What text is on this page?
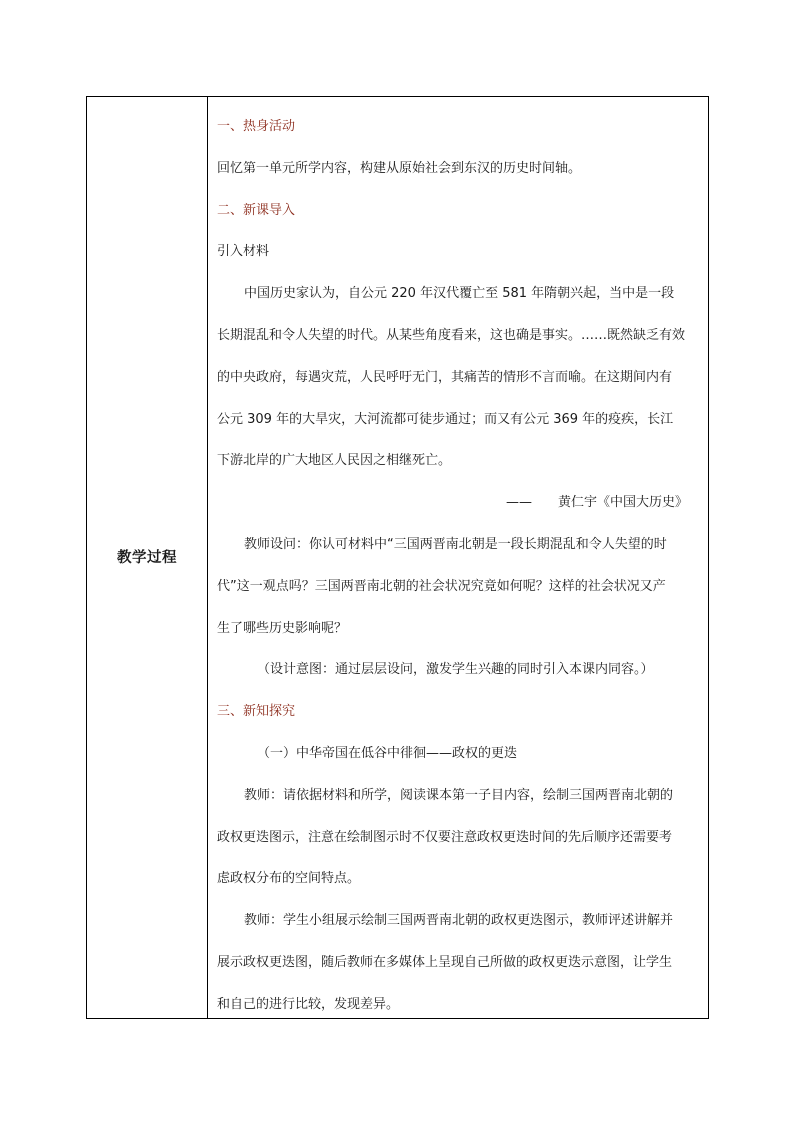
教学过程
一、热身活动
回忆第一单元所学内容，构建从原始社会到东汉的历史时间轴。
二、新课导入
引入材料
中国历史家认为，自公元 220 年汉代覆亡至 581 年隋朝兴起，当中是一段
长期混乱和令人失望的时代。从某些角度看来，这也确是事实。……既然缺乏有效
的中央政府，每遇灾荒，人民呼吁无门，其痛苦的情形不言而喻。在这期间内有
公元 309 年的大旱灾，大河流都可徒步通过；而又有公元 369 年的疫疾，长江
下游北岸的广大地区人民因之相继死亡。
—— 黄仁宇《中国大历史》
教师设问：你认可材料中“三国两晋南北朝是一段长期混乱和令人失望的时
代”这一观点吗？三国两晋南北朝的社会状况究竟如何呢？这样的社会状况又产
生了哪些历史影响呢？
（设计意图：通过层层设问，激发学生兴趣的同时引入本课内同容。）
三、新知探究
（一）中华帝国在低谷中徘徊——政权的更迭
教师：请依据材料和所学，阅读课本第一子目内容，绘制三国两晋南北朝的
政权更迭图示，注意在绘制图示时不仅要注意政权更迭时间的先后顺序还需要考
虑政权分布的空间特点。
教师：学生小组展示绘制三国两晋南北朝的政权更迭图示，教师评述讲解并
展示政权更迭图，随后教师在多媒体上呈现自己所做的政权更迭示意图，让学生
和自己的进行比较，发现差异。
